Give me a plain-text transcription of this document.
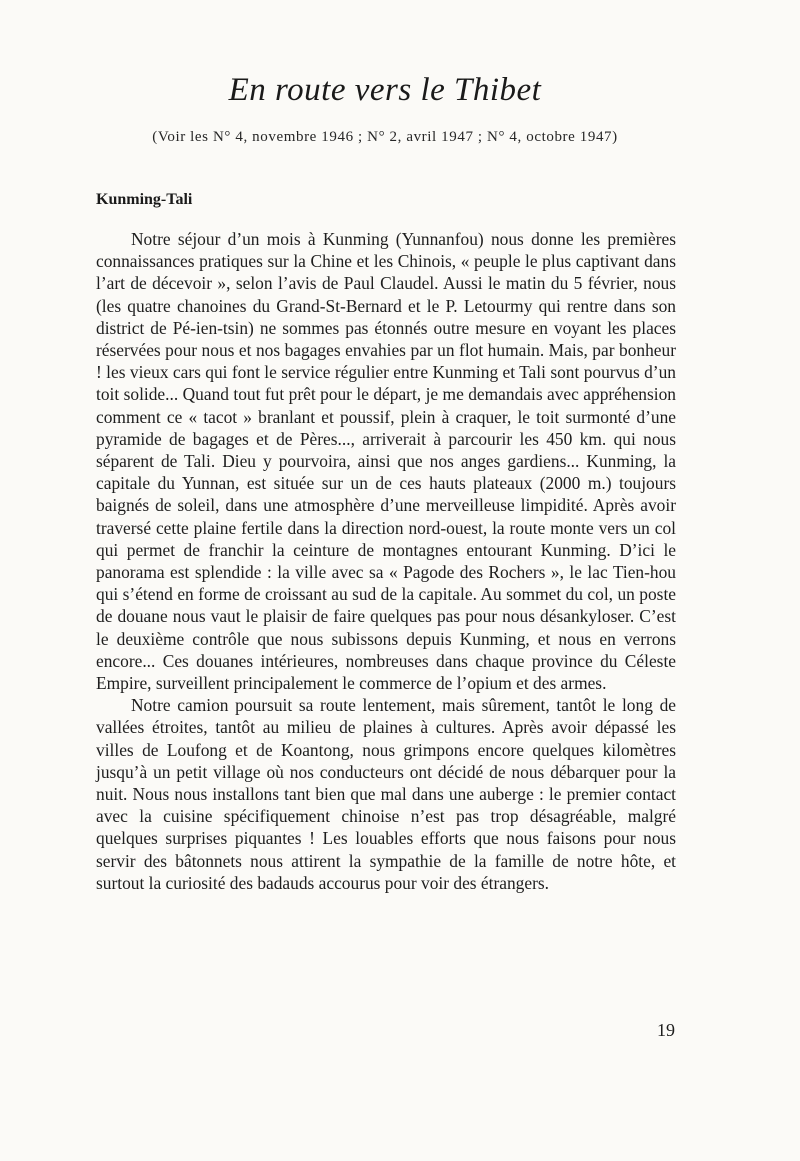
En route vers le Thibet
(Voir les N° 4, novembre 1946 ; N° 2, avril 1947 ; N° 4, octobre 1947)
Kunming-Tali

Notre séjour d’un mois à Kunming (Yunnanfou) nous donne les premières connaissances pratiques sur la Chine et les Chinois, « peuple le plus captivant dans l’art de décevoir », selon l’avis de Paul Claudel. Aussi le matin du 5 février, nous (les quatre chanoines du Grand-St-Bernard et le P. Letourmy qui rentre dans son district de Pé-ien-tsin) ne sommes pas étonnés outre mesure en voyant les places réservées pour nous et nos bagages envahies par un flot humain. Mais, par bonheur ! les vieux cars qui font le service régulier entre Kunming et Tali sont pourvus d’un toit solide... Quand tout fut prêt pour le départ, je me demandais avec appréhension comment ce « tacot » branlant et poussif, plein à craquer, le toit surmonté d’une pyramide de bagages et de Pères..., arriverait à parcourir les 450 km. qui nous séparent de Tali. Dieu y pourvoira, ainsi que nos anges gardiens... Kunming, la capitale du Yunnan, est située sur un de ces hauts plateaux (2000 m.) toujours baignés de soleil, dans une atmosphère d’une merveilleuse limpidité. Après avoir traversé cette plaine fertile dans la direction nord-ouest, la route monte vers un col qui permet de franchir la ceinture de montagnes entourant Kunming. D’ici le panorama est splendide : la ville avec sa « Pagode des Rochers », le lac Tien-hou qui s’étend en forme de croissant au sud de la capitale. Au sommet du col, un poste de douane nous vaut le plaisir de faire quelques pas pour nous désankyloser. C’est le deuxième contrôle que nous subissons depuis Kunming, et nous en verrons encore... Ces douanes intérieures, nombreuses dans chaque province du Céleste Empire, surveillent principalement le commerce de l’opium et des armes.

Notre camion poursuit sa route lentement, mais sûrement, tantôt le long de vallées étroites, tantôt au milieu de plaines à cultures. Après avoir dépassé les villes de Loufong et de Koantong, nous grimpons encore quelques kilomètres jusqu’à un petit village où nos conducteurs ont décidé de nous débarquer pour la nuit. Nous nous installons tant bien que mal dans une auberge : le premier contact avec la cuisine spécifiquement chinoise n’est pas trop désagréable, malgré quelques surprises piquantes ! Les louables efforts que nous faisons pour nous servir des bâtonnets nous attirent la sympathie de la famille de notre hôte, et surtout la curiosité des badauds accourus pour voir des étrangers.

19
